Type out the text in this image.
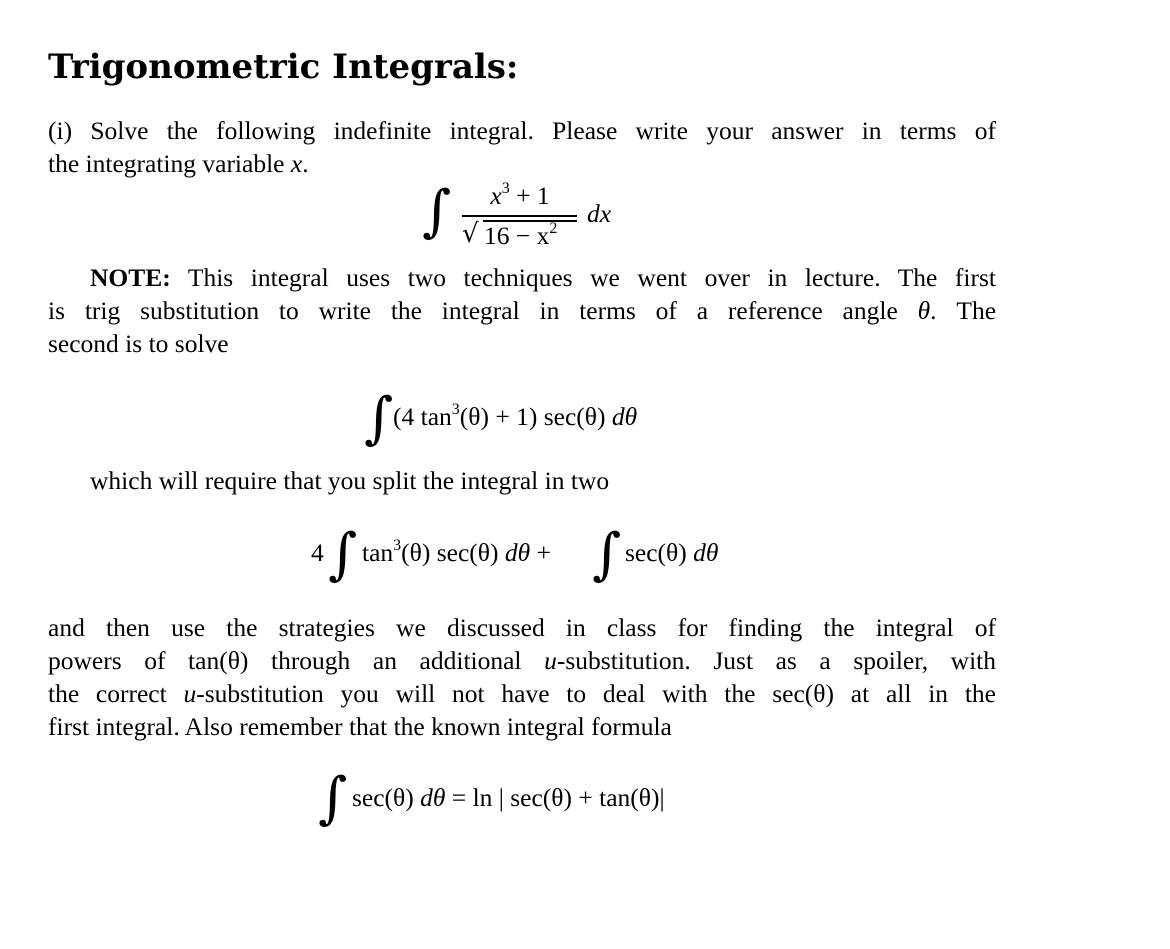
Trigonometric Integrals:
(i) Solve the following indefinite integral. Please write your answer in terms of
the integrating variable x.
∫	$x^3 + 1$
√ $16 - x^2$
dx
NOTE: This integral uses two techniques we went over in lecture. The first
is trig substitution to write the integral in terms of a reference angle θ. The
second is to solve
∫ (4 $\tan^3(\theta) + 1$) sec(θ) dθ
which will require that you split the integral in two
4 ∫ $\tan^3(\theta)$ sec(θ) dθ + ∫ sec(θ) dθ
and then use the strategies we discussed in class for finding the integral of
powers of tan(θ) through an additional u-substitution. Just as a spoiler, with
the correct u-substitution you will not have to deal with the sec(θ) at all in the
first integral. Also remember that the known integral formula
∫ sec(θ) dθ = ln | sec(θ) + tan(θ)|
